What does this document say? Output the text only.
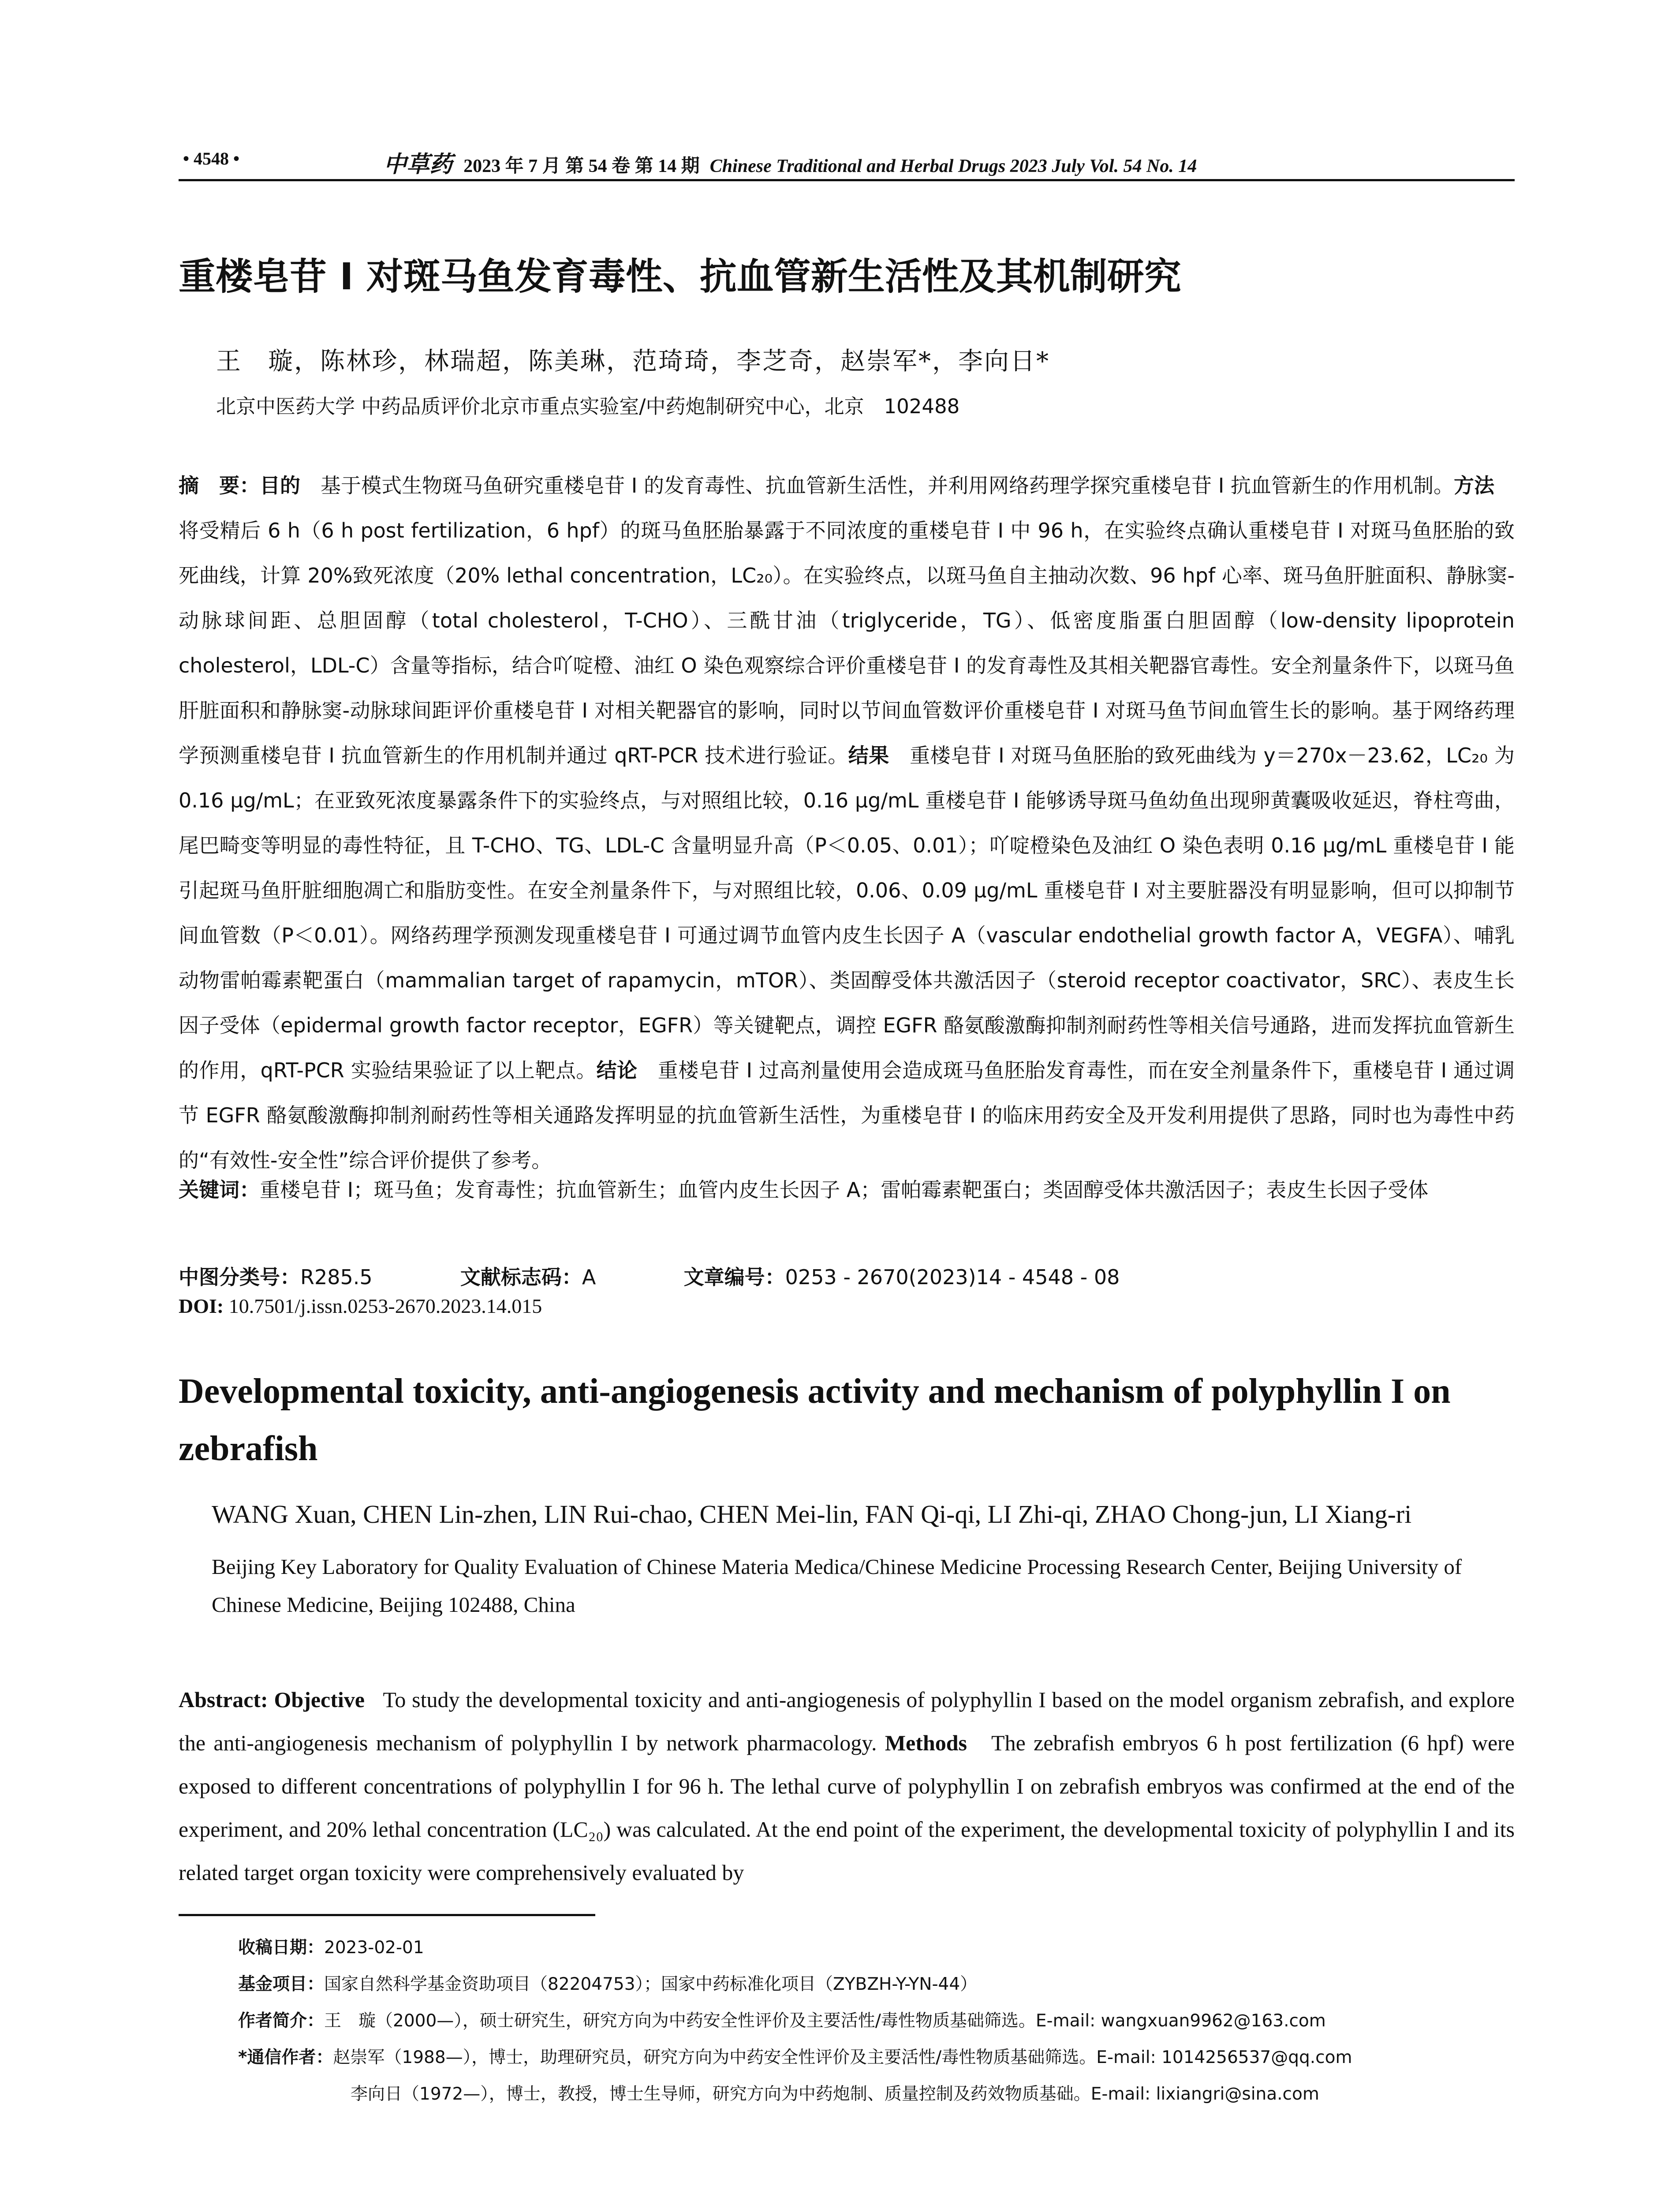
• 4548 •	中草药 2023 年 7 月 第 54 卷 第 14 期 Chinese Traditional and Herbal Drugs 2023 July Vol. 54 No. 14
重楼皂苷 I 对斑马鱼发育毒性、抗血管新生活性及其机制研究
王　璇，陈林珍，林瑞超，陈美琳，范琦琦，李芝奇，赵崇军*，李向日*
北京中医药大学 中药品质评价北京市重点实验室/中药炮制研究中心，北京　102488
摘　要：目的　基于模式生物斑马鱼研究重楼皂苷 I 的发育毒性、抗血管新生活性，并利用网络药理学探究重楼皂苷 I 抗血管新生的作用机制。方法　将受精后 6 h（6 h post fertilization，6 hpf）的斑马鱼胚胎暴露于不同浓度的重楼皂苷 I 中 96 h，在实验终点确认重楼皂苷 I 对斑马鱼胚胎的致死曲线，计算 20%致死浓度（20% lethal concentration，LC₂₀）。在实验终点，以斑马鱼自主抽动次数、96 hpf 心率、斑马鱼肝脏面积、静脉窦-动脉球间距、总胆固醇（total cholesterol，T-CHO）、三酰甘油（triglyceride，TG）、低密度脂蛋白胆固醇（low-density lipoprotein cholesterol，LDL-C）含量等指标，结合吖啶橙、油红 O 染色观察综合评价重楼皂苷 I 的发育毒性及其相关靶器官毒性。安全剂量条件下，以斑马鱼肝脏面积和静脉窦-动脉球间距评价重楼皂苷 I 对相关靶器官的影响，同时以节间血管数评价重楼皂苷 I 对斑马鱼节间血管生长的影响。基于网络药理学预测重楼皂苷 I 抗血管新生的作用机制并通过 qRT-PCR 技术进行验证。结果　重楼皂苷 I 对斑马鱼胚胎的致死曲线为 y＝270x－23.62，LC₂₀ 为 0.16 μg/mL；在亚致死浓度暴露条件下的实验终点，与对照组比较，0.16 μg/mL 重楼皂苷 I 能够诱导斑马鱼幼鱼出现卵黄囊吸收延迟，脊柱弯曲，尾巴畸变等明显的毒性特征，且 T-CHO、TG、LDL-C 含量明显升高（P＜0.05、0.01）；吖啶橙染色及油红 O 染色表明 0.16 μg/mL 重楼皂苷 I 能引起斑马鱼肝脏细胞凋亡和脂肪变性。在安全剂量条件下，与对照组比较，0.06、0.09 μg/mL 重楼皂苷 I 对主要脏器没有明显影响，但可以抑制节间血管数（P＜0.01）。网络药理学预测发现重楼皂苷 I 可通过调节血管内皮生长因子 A（vascular endothelial growth factor A，VEGFA）、哺乳动物雷帕霉素靶蛋白（mammalian target of rapamycin，mTOR）、类固醇受体共激活因子（steroid receptor coactivator，SRC）、表皮生长因子受体（epidermal growth factor receptor，EGFR）等关键靶点，调控 EGFR 酪氨酸激酶抑制剂耐药性等相关信号通路，进而发挥抗血管新生的作用，qRT-PCR 实验结果验证了以上靶点。结论　重楼皂苷 I 过高剂量使用会造成斑马鱼胚胎发育毒性，而在安全剂量条件下，重楼皂苷 I 通过调节 EGFR 酪氨酸激酶抑制剂耐药性等相关通路发挥明显的抗血管新生活性，为重楼皂苷 I 的临床用药安全及开发利用提供了思路，同时也为毒性中药的“有效性-安全性”综合评价提供了参考。
关键词：重楼皂苷 I；斑马鱼；发育毒性；抗血管新生；血管内皮生长因子 A；雷帕霉素靶蛋白；类固醇受体共激活因子；表皮生长因子受体
中图分类号：R285.5	文献标志码：A	文章编号：0253 - 2670(2023)14 - 4548 - 08
DOI: 10.7501/j.issn.0253-2670.2023.14.015
Developmental toxicity, anti-angiogenesis activity and mechanism of polyphyllin I on zebrafish
WANG Xuan, CHEN Lin-zhen, LIN Rui-chao, CHEN Mei-lin, FAN Qi-qi, LI Zhi-qi, ZHAO Chong-jun, LI Xiang-ri
Beijing Key Laboratory for Quality Evaluation of Chinese Materia Medica/Chinese Medicine Processing Research Center, Beijing University of Chinese Medicine, Beijing 102488, China
Abstract: Objective To study the developmental toxicity and anti-angiogenesis of polyphyllin I based on the model organism zebrafish, and explore the anti-angiogenesis mechanism of polyphyllin I by network pharmacology. Methods The zebrafish embryos 6 h post fertilization (6 hpf) were exposed to different concentrations of polyphyllin I for 96 h. The lethal curve of polyphyllin I on zebrafish embryos was confirmed at the end of the experiment, and 20% lethal concentration (LC₂₀) was calculated. At the end point of the experiment, the developmental toxicity of polyphyllin I and its related target organ toxicity were comprehensively evaluated by
收稿日期：2023-02-01
基金项目：国家自然科学基金资助项目（82204753）；国家中药标准化项目（ZYBZH-Y-YN-44）
作者简介：王　璇（2000—），硕士研究生，研究方向为中药安全性评价及主要活性/毒性物质基础筛选。E-mail: wangxuan9962@163.com
*通信作者：赵崇军（1988—），博士，助理研究员，研究方向为中药安全性评价及主要活性/毒性物质基础筛选。E-mail: 1014256537@qq.com
李向日（1972—），博士，教授，博士生导师，研究方向为中药炮制、质量控制及药效物质基础。E-mail: lixiangri@sina.com
